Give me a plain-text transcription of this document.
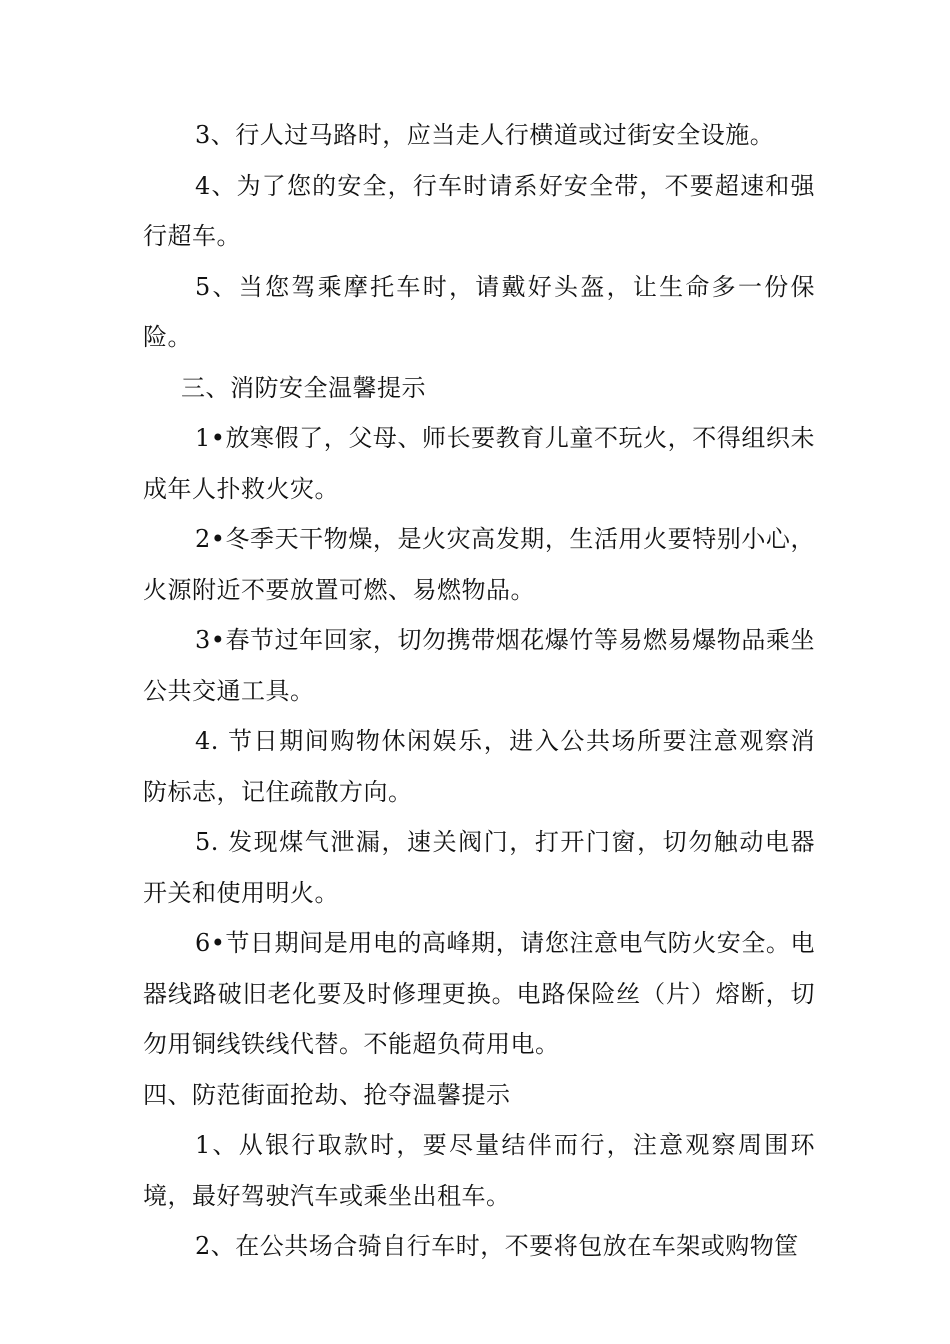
3、行人过马路时，应当走人行横道或过街安全设施。

4、为了您的安全，行车时请系好安全带，不要超速和强行超车。

5、当您驾乘摩托车时，请戴好头盔，让生命多一份保险。

三、消防安全温馨提示

1•放寒假了，父母、师长要教育儿童不玩火，不得组织未成年人扑救火灾。

2•冬季天干物燥，是火灾高发期，生活用火要特别小心，火源附近不要放置可燃、易燃物品。

3•春节过年回家，切勿携带烟花爆竹等易燃易爆物品乘坐公共交通工具。

4. 节日期间购物休闲娱乐，进入公共场所要注意观察消防标志，记住疏散方向。

5. 发现煤气泄漏，速关阀门，打开门窗，切勿触动电器开关和使用明火。

6•节日期间是用电的高峰期，请您注意电气防火安全。电器线路破旧老化要及时修理更换。电路保险丝（片）熔断，切勿用铜线铁线代替。不能超负荷用电。

四、防范街面抢劫、抢夺温馨提示

1、从银行取款时，要尽量结伴而行，注意观察周围环境，最好驾驶汽车或乘坐出租车。

2、在公共场合骑自行车时，不要将包放在车架或购物筐
